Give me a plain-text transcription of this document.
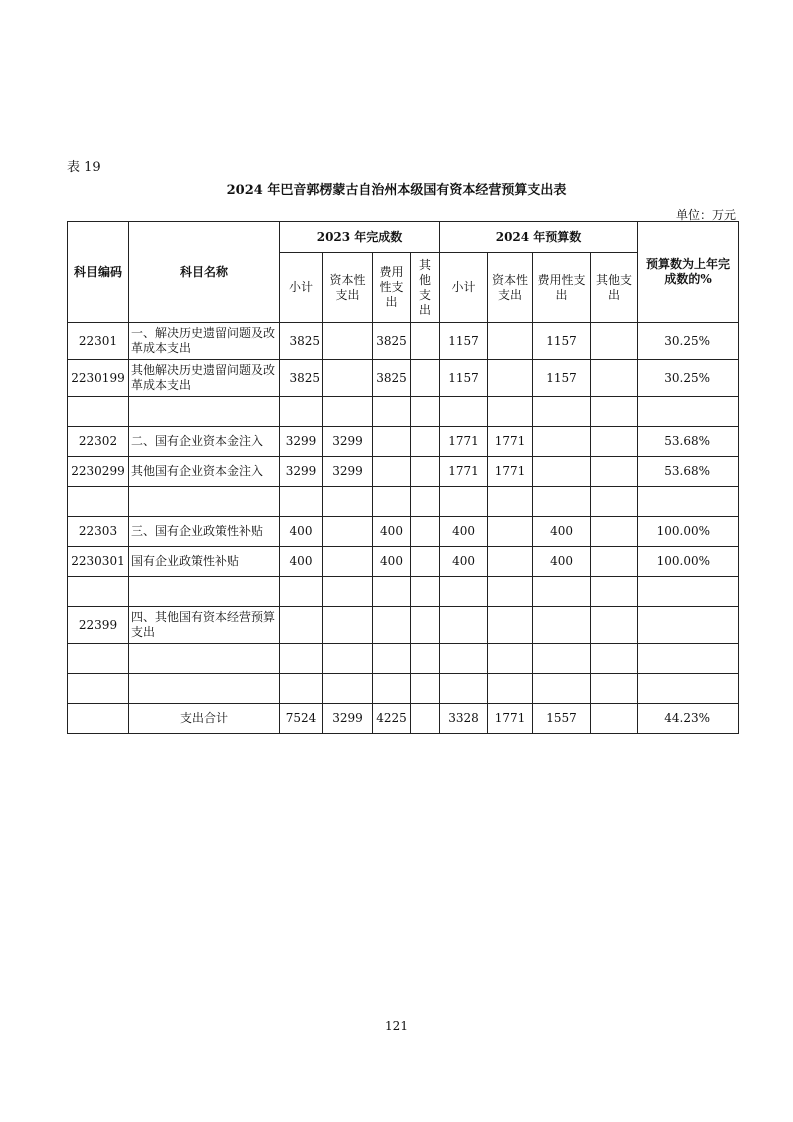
表 19
2024 年巴音郭楞蒙古自治州本级国有资本经营预算支出表
单位：万元
科目编码	科目名称	2023 年完成数				2024 年预算数				预算数为上年完成数的%
		小计	资本性支出	费用性支出	其他支出	小计	资本性支出	费用性支出	其他支出	
22301	一、解决历史遗留问题及改革成本支出	3825		3825		1157		1157		30.25%
2230199	其他解决历史遗留问题及改革成本支出	3825		3825		1157		1157		30.25%

22302	二、国有企业资本金注入	3299	3299			1771	1771			53.68%
2230299	其他国有企业资本金注入	3299	3299			1771	1771			53.68%

22303	三、国有企业政策性补贴	400		400		400		400		100.00%
2230301	国有企业政策性补贴	400		400		400		400		100.00%

22399	四、其他国有资本经营预算支出									

	支出合计	7524	3299	4225		3328	1771	1557		44.23%
121
